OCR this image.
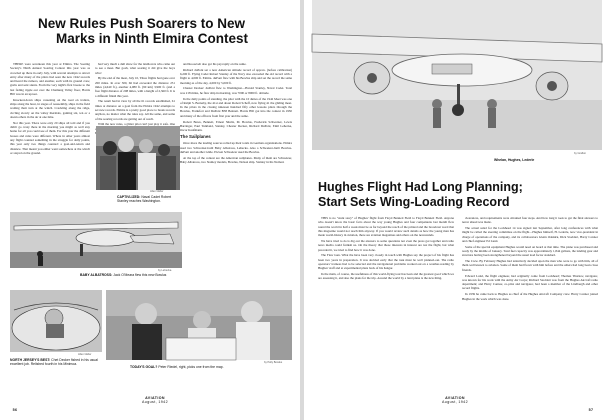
New Rules Push Soarers to New
Marks in Ninth Elmira Contest

THERE were seventeen this year at Elmira. The Soaring Society's Ninth Annual Soaring Contest this year was as crowded up there in early July, with several attempts to attract entry after many of the pilots had seen the new 1942 records and heard the rumors, and another, each with its ground crew, grabs and sent stunts. From the very night's first breeze to the last fading ripple out over the Chemung Valley floor, Harris Hill was in an uproar.

Knocked-down ships careening on the road on trailers, ships along the hour, in stages of reassembly, ships in the field waiting their turn at the winch. Crackling along the ridge, circling slowly on the valley thermals, gaining six, ten or a dozen others in the air at one time.

Not this year. There were only 20 ships all told and if you didn't go crazy there in the morning you might as well stay home for all you could see of them. For this year the different bosses and rules were different. Where in other years almost any flight counted something in the struggle for daily points, this year only two things counted: a goal-and-return and distance. That meant you either went somewhere at the winch or stayed on the ground.

had very much a dull show for the landlovers who came out to see a meet. But gosh, what soaring it did give the boys who!

By the end of the meet, July 10, Three flights had gone over 200 miles. In over 300, 66 had exceeded the distance 231 miles (4,640 ft.), another 4,080 ft. (90 km) 3,900 ft. (and a free flight distance of 208 miles, with a height of 2,360 ft. It is a different finish this year.

The result had in view by all the 61 records established, 61 times at distance on a goal from the Elmira 1942 attempts to set new records. Elmira is a pretty good place to break records anyhow, no matter what the rules say. All the same, and some of the soaring records are getting out of reach.

With the new rules, a glider pilot can't just play it safe. One

and Roosevelt also got his paycaptly on the same.

Richard duPont set a new American altitude record of approx. (before calibration) 6,200 ft. Flying Cadet Robert Stanley of the Navy also exceeded the old record with a flight to 4,000 ft. Elmira. duPont flew with his Bowlus ship and set the record the same morning as of the day, 4,000 by 5,000 ft.

Chester Decker: duPont flew to Washington—Harold Stanley, Naval Cadet. Total was 218 miles, he flew ship in morning, was 7000 or 8000 ft. altitude.

In the daily points of standing, the pilot with the 10 duties of the 1942 Meet was one of Ralph S. Barnaby, the 41st and about Robert Scheff, now flying 41 the gliding meet. In the pilots in the closing nineteen hundred fifty other lessons pilots through the Bowlus, Frankfort and DuPont B38 Bennett. Harris Hill got into the contest in 1930 and many of the officers from first year and the same.

Robert Beres, Bennett, Ernest Shultz, M. Bowlus, Frederick Schweizer, Lewis Barringer, Paul Tuntland, Stanley, Chester Decker, Richard DuPont, Emil Lehecka, Oscar Kaufmann.

The Sailplanes

Once more the leading sources rolled up their totals in German organizations. Elmira used two Schweizer-built Baby Albatross, Lehecka. Also a Schweizer-built Bowlus-duPont and another Glide. Eleven Schweizer used the Bowlus.

At the top of the contest are the American sailplanes. Many of them are Schweizer, Baby Albatross, two Stanley models, Bowlus, Nelson ship. Stanley in his Nomad.

Allen Glider
CAPTIVLIZED: Naval Cadet Robert Stanley reaches Washington.
by Lehecka
BABY ALBATROSS: Jack O'Meara flew this new Bowlus
Allen Glider
NORTH JERSEY'S BEST: Chet Decker fished in his usual excellent job. Relished fourth in his Minimoa.	by Pelly Bowlus
TODAY'S GOAL? Peter Riedel, right, picks one from the map.
AVIATION
August, 1942
56
by Grafton
Whelan, Hughes, Lederle
Hughes Flight Had Long Planning;
Start Sets Wing-Loading Record

THIS is no "stunt story" of Hughes' flight from Floyd Bennett Field to Floyd Bennett Field. Anyone who doesn't know the basic facts about the way young Hughes and four companions last month flew round the world in half a week must be as far beyond the reach of the printed and the broadcast word that this magazine would not reach him anyway. If you would review such details as how the young man has made world-history in aviation, there are aviation magazines and others on the newsstands.

We have tried to do is dig out the answers to some questions not even the press got together and radio news media could furnish us. On the theory that those interests in interest are not the flight, but what preceded it, we tried to find how it was done.

The Flew Gun. What the have been very closely in touch with Hughes say the project of his flight has been two years in preparation. It was decided early that the task must be well planned-out. The radio operators' trainees had to be selected and the navigational problems worked out on a weather-reading by Hughes' staff and at experimental plans back of his hangar.

In the main, of course, the usefulness of this world-flying tour has been and the greatest good which we are assessing it, and also the plans for the trip. Around the world by a land plane is the new thing.

clearances, and requirements were obtained four steps. And how long it took to get the final answers to never ahead was made.

The actual salad for the Lockheed 14 was signed last September, after long conferences with what might be called the steering committee on the flight—Hughes himself, H. Lederle, now vice-president in charge of operations of the company, and its collaborators Glenn Odekirk, Dick Stoddart, Harry Connor and chief engineer Ed Lund.

Some of the special equipment Hughes would need on board at that time. The plane was purchased and ready by the middle of January. Total fuel capacity was approximately 1,844 gallons, the landing gear and structure having been strengthened beyond the usual load factor standard.

The Crew. By February Hughes had tentatively decided upon the men who were to go with him, all of them well known to aviation. Some of them had flown with him before and the others had long been close friends.

Edward Lund, the flight engineer, had originally come from Lockheed; Thomas Thurlow, navigator, was known for his work with the Army Air Corps; Richard Stoddart was from the Hughes Aircraft radio department; and Harry Connor, co-pilot and navigator, had been a member of the Lindbergh and other record flights.

In 1939 he came back to Hughes as chief of the Hughes Aircraft Company crew. Harry Connor joined Hughes in the work which was done.

AVIATION
August, 1942
57
